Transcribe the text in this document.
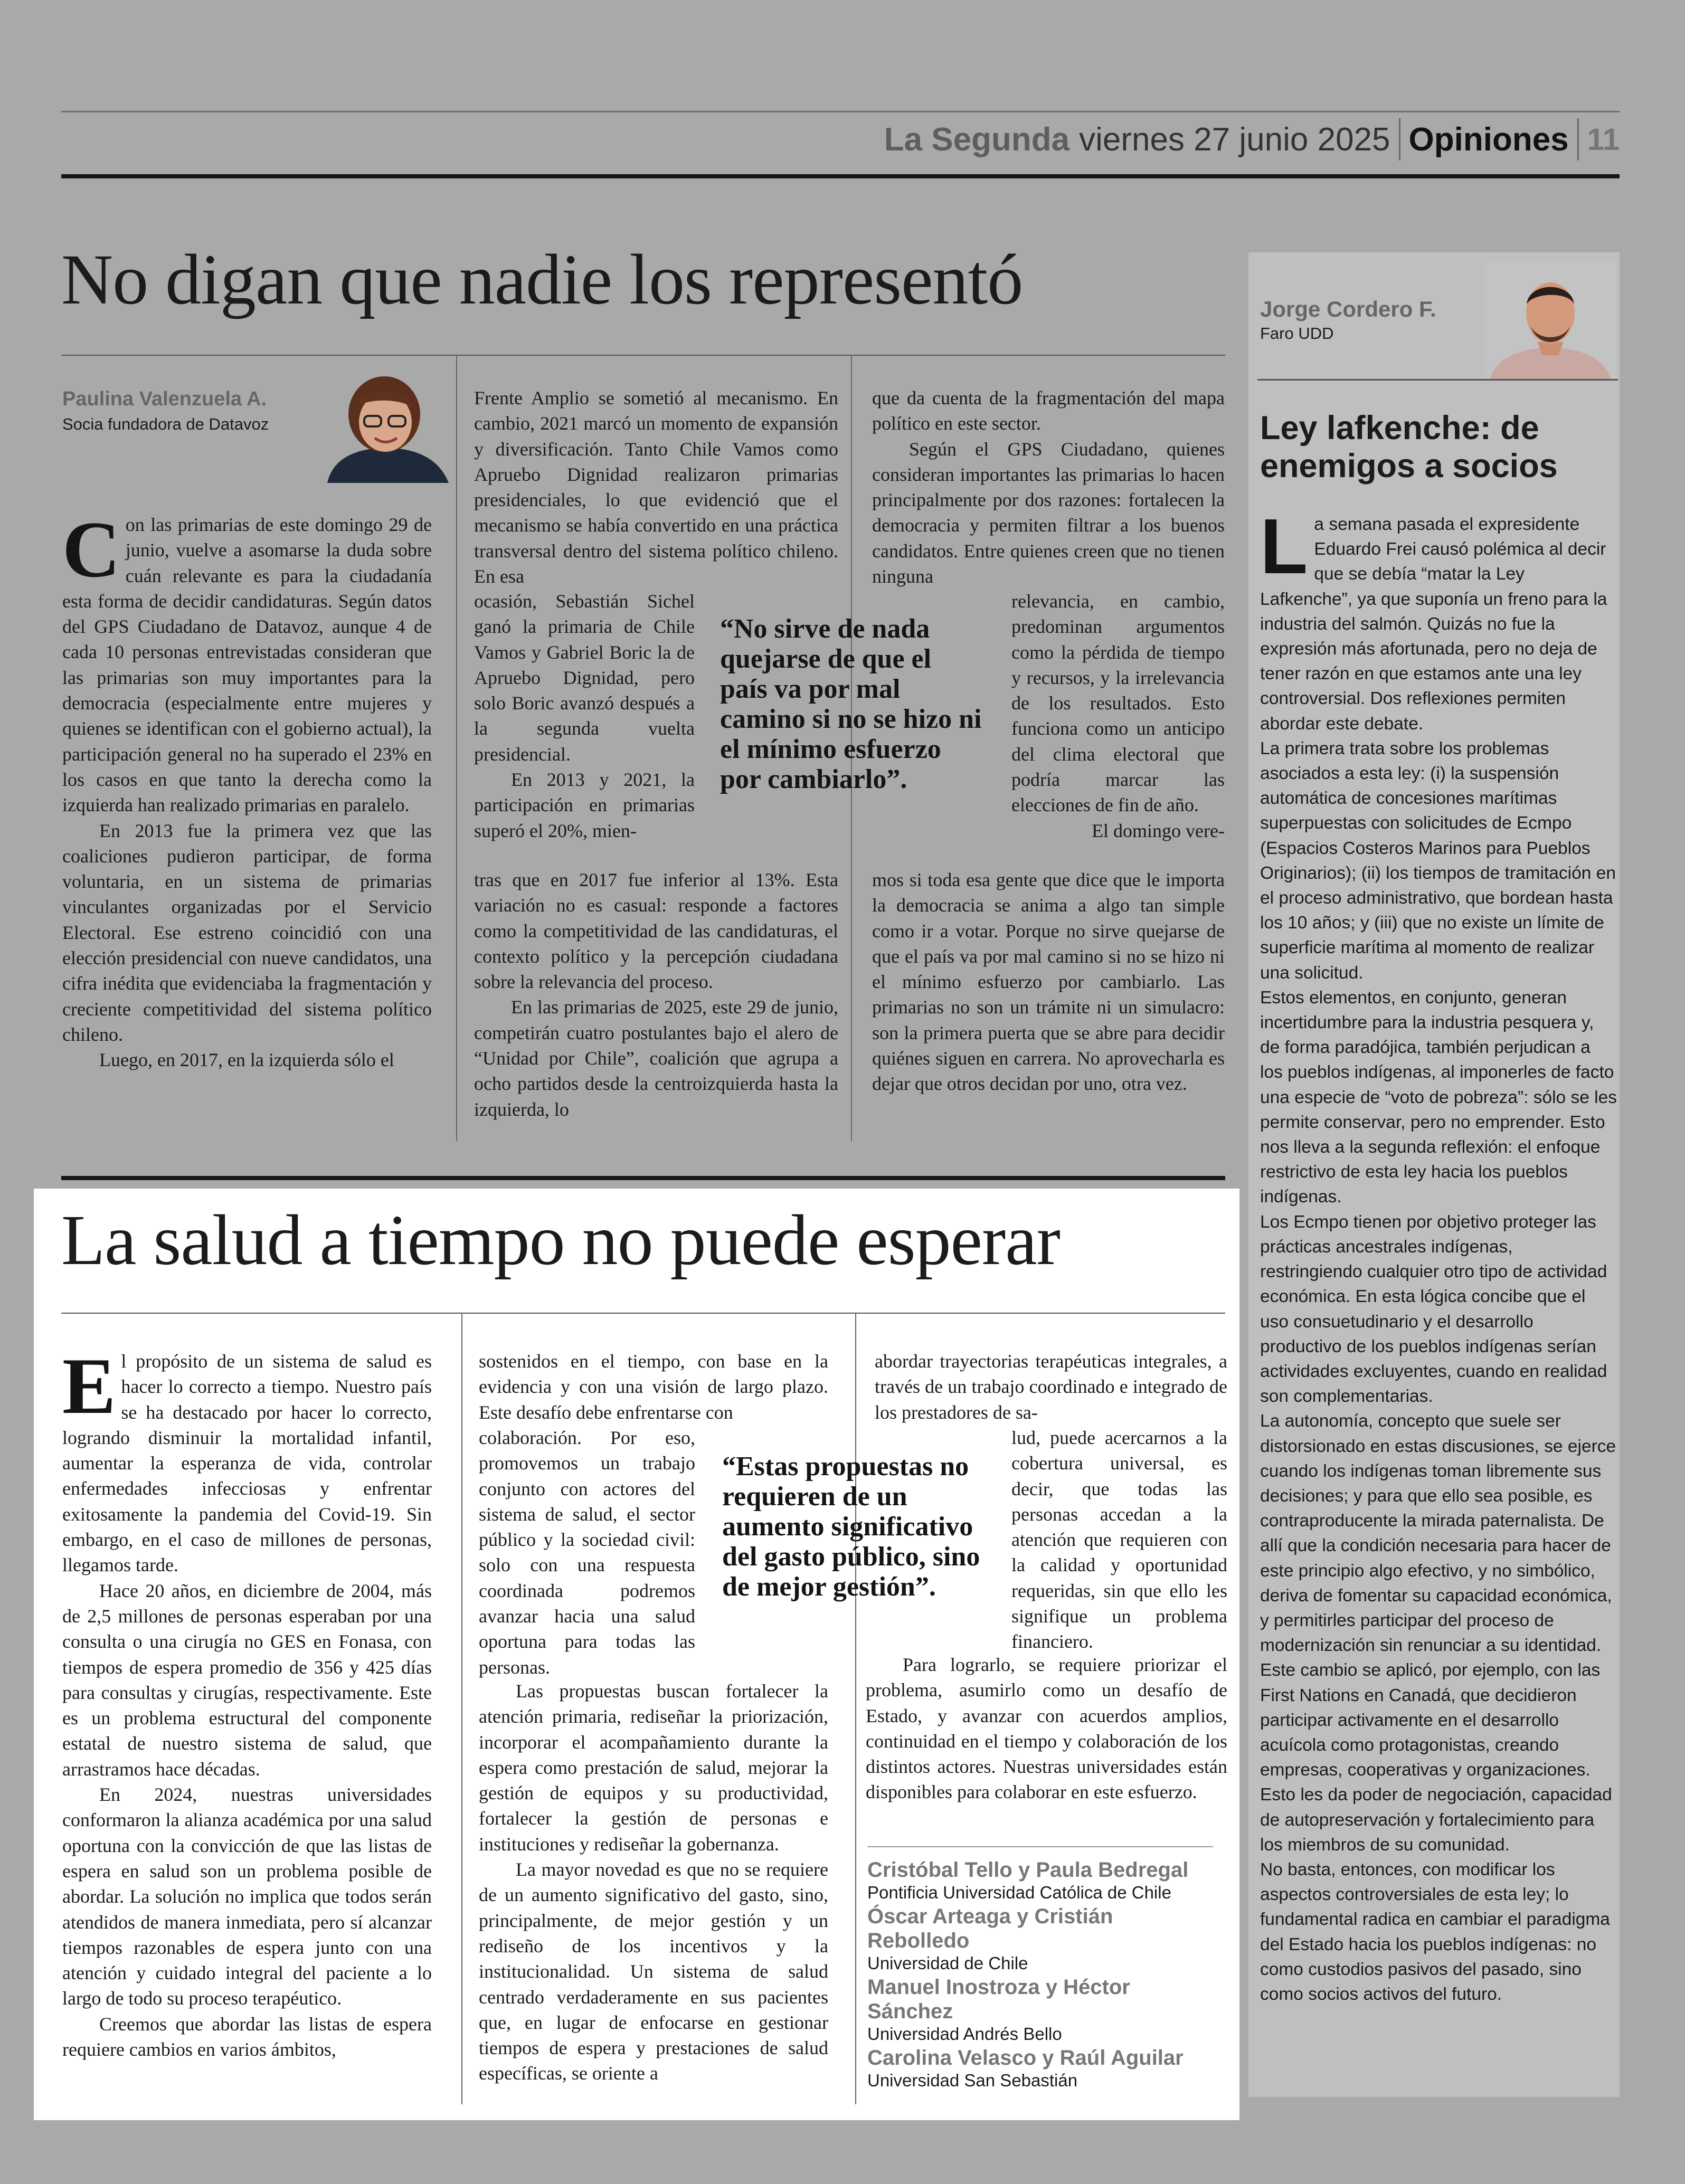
La Segunda viernes 27 junio 2025 Opiniones 11
No digan que nadie los representó
Paulina Valenzuela A.
Socia fundadora de Datavoz

Con las primarias de este domingo 29 de junio, vuelve a asomarse la duda sobre cuán relevante es para la ciudadanía esta forma de decidir candidaturas. Según datos del GPS Ciudadano de Datavoz, aunque 4 de cada 10 personas entrevistadas consideran que las primarias son muy importantes para la democracia (especialmente entre mujeres y quienes se identifican con el gobierno actual), la participación general no ha superado el 23% en los casos en que tanto la derecha como la izquierda han realizado primarias en paralelo.

En 2013 fue la primera vez que las coaliciones pudieron participar, de forma voluntaria, en un sistema de primarias vinculantes organizadas por el Servicio Electoral. Ese estreno coincidió con una elección presidencial con nueve candidatos, una cifra inédita que evidenciaba la fragmentación y creciente competitividad del sistema político chileno.

Luego, en 2017, en la izquierda sólo el

Frente Amplio se sometió al mecanismo. En cambio, 2021 marcó un momento de expansión y diversificación. Tanto Chile Vamos como Apruebo Dignidad realizaron primarias presidenciales, lo que evidenció que el mecanismo se había convertido en una práctica transversal dentro del sistema político chileno. En esa

ocasión, Sebastián Sichel ganó la primaria de Chile Vamos y Gabriel Boric la de Apruebo Dignidad, pero solo Boric avanzó después a la segunda vuelta presidencial.

En 2013 y 2021, la participación en primarias superó el 20%, mien-

tras que en 2017 fue inferior al 13%. Esta variación no es casual: responde a factores como la competitividad de las candidaturas, el contexto político y la percepción ciudadana sobre la relevancia del proceso.

En las primarias de 2025, este 29 de junio, competirán cuatro postulantes bajo el alero de “Unidad por Chile”, coalición que agrupa a ocho partidos desde la centroizquierda hasta la izquierda, lo

“No sirve de nada quejarse de que el país va por mal camino si no se hizo ni el mínimo esfuerzo por cambiarlo”.

que da cuenta de la fragmentación del mapa político en este sector.

Según el GPS Ciudadano, quienes consideran importantes las primarias lo hacen principalmente por dos razones: fortalecen la democracia y permiten filtrar a los buenos candidatos. Entre quienes creen que no tienen ninguna

relevancia, en cambio, predominan argumentos como la pérdida de tiempo y recursos, y la irrelevancia de los resultados. Esto funciona como un anticipo del clima electoral que podría marcar las elecciones de fin de año.

El domingo vere-

mos si toda esa gente que dice que le importa la democracia se anima a algo tan simple como ir a votar. Porque no sirve quejarse de que el país va por mal camino si no se hizo ni el mínimo esfuerzo por cambiarlo. Las primarias no son un trámite ni un simulacro: son la primera puerta que se abre para decidir quiénes siguen en carrera. No aprovecharla es dejar que otros decidan por uno, otra vez.

La salud a tiempo no puede esperar

El propósito de un sistema de salud es hacer lo correcto a tiempo. Nuestro país se ha destacado por hacer lo correcto, logrando disminuir la mortalidad infantil, aumentar la esperanza de vida, controlar enfermedades infecciosas y enfrentar exitosamente la pandemia del Covid-19. Sin embargo, en el caso de millones de personas, llegamos tarde.

Hace 20 años, en diciembre de 2004, más de 2,5 millones de personas esperaban por una consulta o una cirugía no GES en Fonasa, con tiempos de espera promedio de 356 y 425 días para consultas y cirugías, respectivamente. Este es un problema estructural del componente estatal de nuestro sistema de salud, que arrastramos hace décadas.

En 2024, nuestras universidades conformaron la alianza académica por una salud oportuna con la convicción de que las listas de espera en salud son un problema posible de abordar. La solución no implica que todos serán atendidos de manera inmediata, pero sí alcanzar tiempos razonables de espera junto con una atención y cuidado integral del paciente a lo largo de todo su proceso terapéutico.

Creemos que abordar las listas de espera requiere cambios en varios ámbitos,

sostenidos en el tiempo, con base en la evidencia y con una visión de largo plazo. Este desafío debe enfrentarse con

colaboración. Por eso, promovemos un trabajo conjunto con actores del sistema de salud, el sector público y la sociedad civil: solo con una respuesta coordinada podremos avanzar hacia una salud oportuna para todas las personas.

Las propuestas buscan fortalecer la atención primaria, rediseñar la priorización, incorporar el acompañamiento durante la espera como prestación de salud, mejorar la gestión de equipos y su productividad, fortalecer la gestión de personas e instituciones y rediseñar la gobernanza.

La mayor novedad es que no se requiere de un aumento significativo del gasto, sino, principalmente, de mejor gestión y un rediseño de los incentivos y la institucionalidad. Un sistema de salud centrado verdaderamente en sus pacientes que, en lugar de enfocarse en gestionar tiempos de espera y prestaciones de salud específicas, se oriente a

“Estas propuestas no requieren de un aumento significativo del gasto público, sino de mejor gestión”.

abordar trayectorias terapéuticas integrales, a través de un trabajo coordinado e integrado de los prestadores de sa-

lud, puede acercarnos a la cobertura universal, es decir, que todas las personas accedan a la atención que requieren con la calidad y oportunidad requeridas, sin que ello les signifique un problema financiero.

Para lograrlo, se requiere priorizar el problema, asumirlo como un desafío de Estado, y avanzar con acuerdos amplios, continuidad en el tiempo y colaboración de los distintos actores. Nuestras universidades están disponibles para colaborar en este esfuerzo.

Cristóbal Tello y Paula Bedregal
Pontificia Universidad Católica de Chile
Óscar Arteaga y Cristián Rebolledo
Universidad de Chile
Manuel Inostroza y Héctor Sánchez
Universidad Andrés Bello
Carolina Velasco y Raúl Aguilar
Universidad San Sebastián
Jorge Cordero F.
Faro UDD
Ley lafkenche: de enemigos a socios

La semana pasada el expresidente Eduardo Frei causó polémica al decir que se debía “matar la Ley Lafkenche”, ya que suponía un freno para la industria del salmón. Quizás no fue la expresión más afortunada, pero no deja de tener razón en que estamos ante una ley controversial. Dos reflexiones permiten abordar este debate.

La primera trata sobre los problemas asociados a esta ley: (i) la suspensión automática de concesiones marítimas superpuestas con solicitudes de Ecmpo (Espacios Costeros Marinos para Pueblos Originarios); (ii) los tiempos de tramitación en el proceso administrativo, que bordean hasta los 10 años; y (iii) que no existe un límite de superficie marítima al momento de realizar una solicitud.

Estos elementos, en conjunto, generan incertidumbre para la industria pesquera y, de forma paradójica, también perjudican a los pueblos indígenas, al imponerles de facto una especie de “voto de pobreza”: sólo se les permite conservar, pero no emprender. Esto nos lleva a la segunda reflexión: el enfoque restrictivo de esta ley hacia los pueblos indígenas.

Los Ecmpo tienen por objetivo proteger las prácticas ancestrales indígenas, restringiendo cualquier otro tipo de actividad económica. En esta lógica concibe que el uso consuetudinario y el desarrollo productivo de los pueblos indígenas serían actividades excluyentes, cuando en realidad son complementarias.

La autonomía, concepto que suele ser distorsionado en estas discusiones, se ejerce cuando los indígenas toman libremente sus decisiones; y para que ello sea posible, es contraproducente la mirada paternalista. De allí que la condición necesaria para hacer de este principio algo efectivo, y no simbólico, deriva de fomentar su capacidad económica, y permitirles participar del proceso de modernización sin renunciar a su identidad.

Este cambio se aplicó, por ejemplo, con las First Nations en Canadá, que decidieron participar activamente en el desarrollo acuícola como protagonistas, creando empresas, cooperativas y organizaciones. Esto les da poder de negociación, capacidad de autopreservación y fortalecimiento para los miembros de su comunidad.

No basta, entonces, con modificar los aspectos controversiales de esta ley; lo fundamental radica en cambiar el paradigma del Estado hacia los pueblos indígenas: no como custodios pasivos del pasado, sino como socios activos del futuro.
